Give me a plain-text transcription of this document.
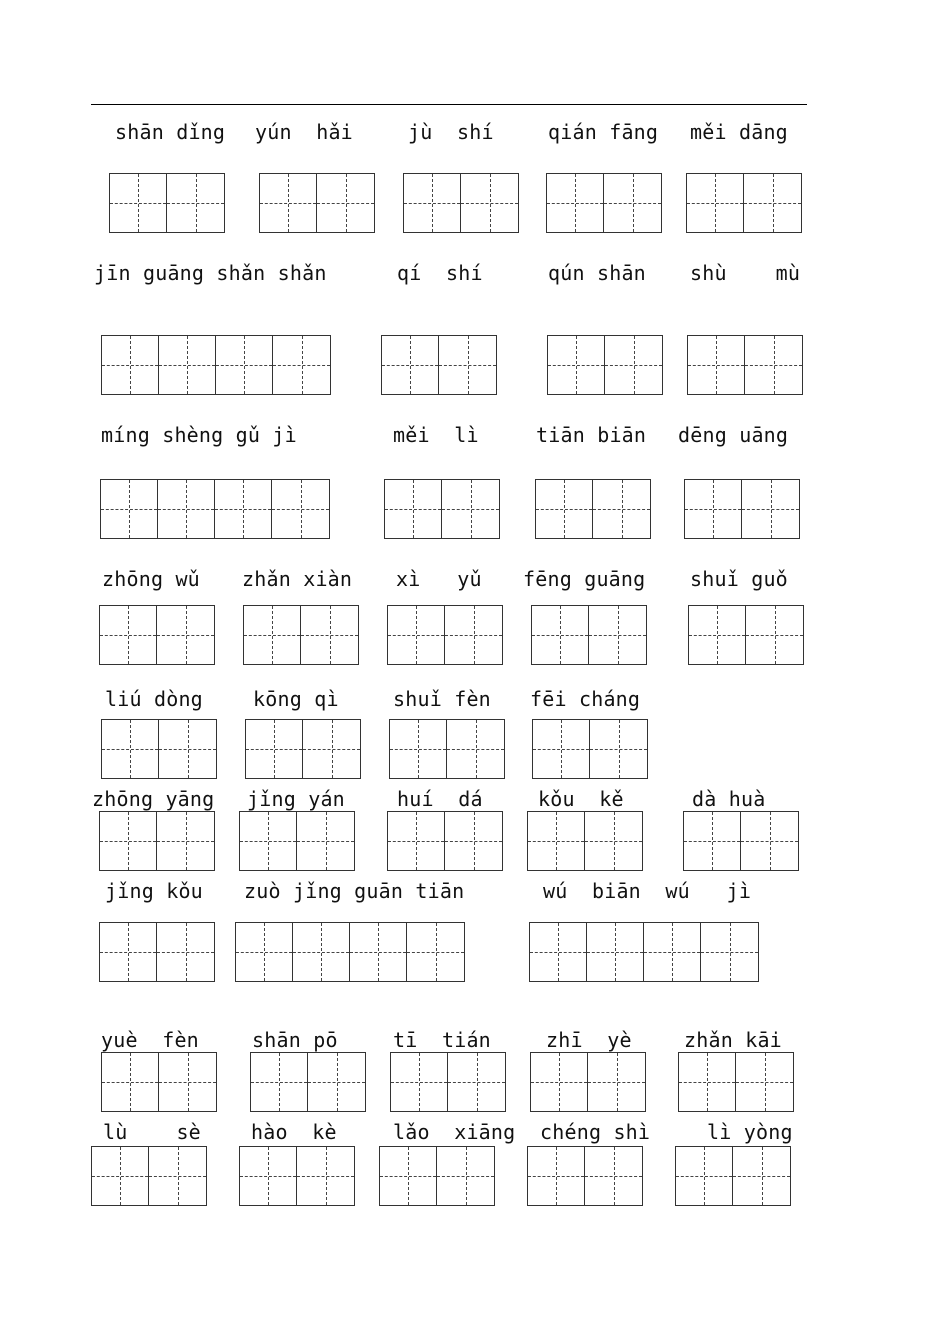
shān dǐng yún  hǎi	jù  shí	qián fāng měi dāng
jīn guāng shǎn shǎn	qí  shí	qún shān shù    mù
míng shèng gǔ jì	měi  lì	tiān biān dēng uāng
zhōng wǔ zhǎn xiàn xì   yǔ fēng guāng shuǐ guǒ
liú dòng	kōng qì	shuǐ fèn fēi cháng
zhōng yāng jǐng yán	huí  dá	kǒu  kě	dà huà
jǐng kǒu zuò jǐng guān tiān	wú  biān  wú   jì
yuè  fèn	shān pō	tī  tián	zhī  yè	zhǎn kāi
lù    sè	hào  kè	lǎo  xiāng chéng shì	lì yòng
